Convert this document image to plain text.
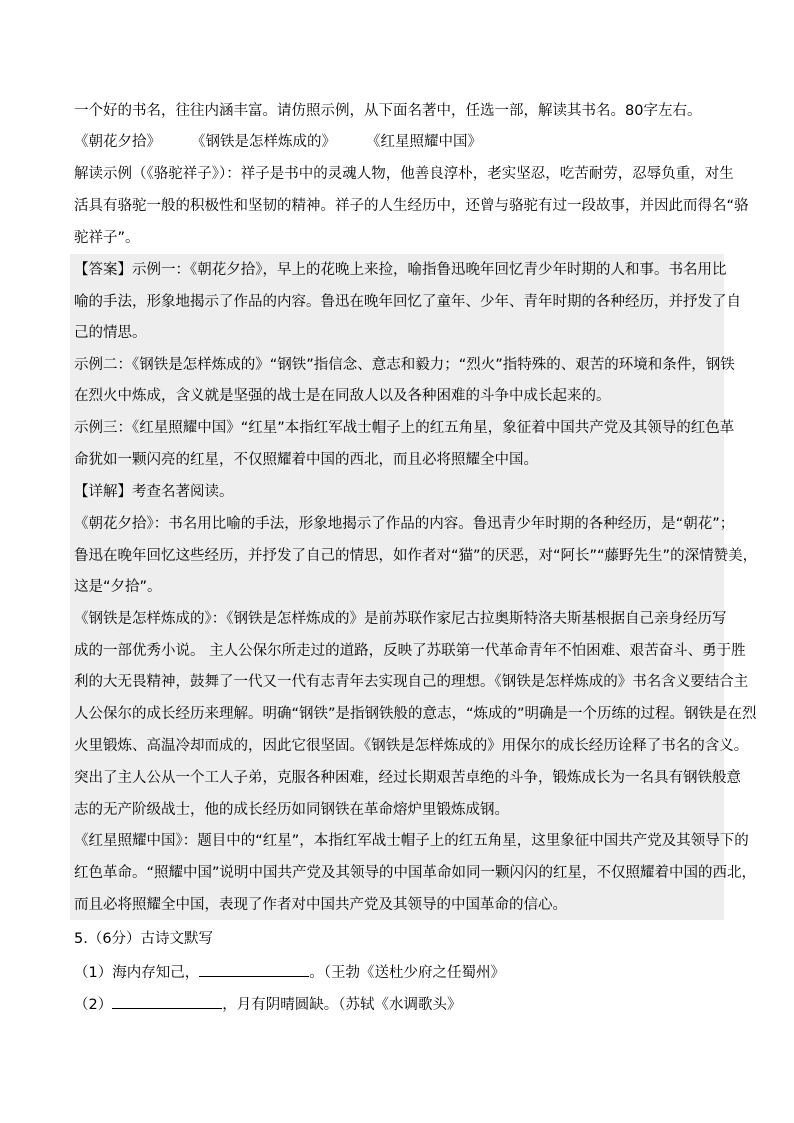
一个好的书名，往往内涵丰富。请仿照示例，从下面名著中，任选一部，解读其书名。80字左右。
《朝花夕拾》 《钢铁是怎样炼成的》 《红星照耀中国》
解读示例（《骆驼祥子》）：祥子是书中的灵魂人物，他善良淳朴，老实坚忍，吃苦耐劳，忍辱负重，对生
活具有骆驼一般的积极性和坚韧的精神。祥子的人生经历中，还曾与骆驼有过一段故事，并因此而得名“骆
驼祥子”。
【答案】示例一：《朝花夕拾》，早上的花晚上来捡，喻指鲁迅晚年回忆青少年时期的人和事。书名用比
喻的手法，形象地揭示了作品的内容。鲁迅在晚年回忆了童年、少年、青年时期的各种经历，并抒发了自
己的情思。
示例二：《钢铁是怎样炼成的》“钢铁”指信念、意志和毅力；“烈火”指特殊的、艰苦的环境和条件，钢铁
在烈火中炼成，含义就是坚强的战士是在同敌人以及各种困难的斗争中成长起来的。
示例三：《红星照耀中国》“红星”本指红军战士帽子上的红五角星，象征着中国共产党及其领导的红色革
命犹如一颗闪亮的红星，不仅照耀着中国的西北，而且必将照耀全中国。
【详解】考查名著阅读。
《朝花夕拾》：书名用比喻的手法，形象地揭示了作品的内容。鲁迅青少年时期的各种经历，是“朝花”；
鲁迅在晚年回忆这些经历，并抒发了自己的情思，如作者对“猫”的厌恶，对“阿长”“藤野先生”的深情赞美，
这是“夕拾”。
《钢铁是怎样炼成的》：《钢铁是怎样炼成的》是前苏联作家尼古拉奥斯特洛夫斯基根据自己亲身经历写
成的一部优秀小说。 主人公保尔所走过的道路，反映了苏联第一代革命青年不怕困难、艰苦奋斗、勇于胜
利的大无畏精神，鼓舞了一代又一代有志青年去实现自己的理想。《钢铁是怎样炼成的》书名含义要结合主
人公保尔的成长经历来理解。明确“钢铁”是指钢铁般的意志，“炼成的”明确是一个历练的过程。钢铁是在烈
火里锻炼、高温冷却而成的，因此它很坚固。《钢铁是怎样炼成的》用保尔的成长经历诠释了书名的含义。
突出了主人公从一个工人子弟，克服各种困难，经过长期艰苦卓绝的斗争，锻炼成长为一名具有钢铁般意
志的无产阶级战士，他的成长经历如同钢铁在革命熔炉里锻炼成钢。
《红星照耀中国》：题目中的“红星”，本指红军战士帽子上的红五角星，这里象征中国共产党及其领导下的
红色革命。“照耀中国”说明中国共产党及其领导的中国革命如同一颗闪闪的红星，不仅照耀着中国的西北，
而且必将照耀全中国，表现了作者对中国共产党及其领导的中国革命的信心。
5.（6分）古诗文默写
（1）海内存知己，	。（王勃《送杜少府之任蜀州》
（2）	，月有阴晴圆缺。（苏轼《水调歌头》
